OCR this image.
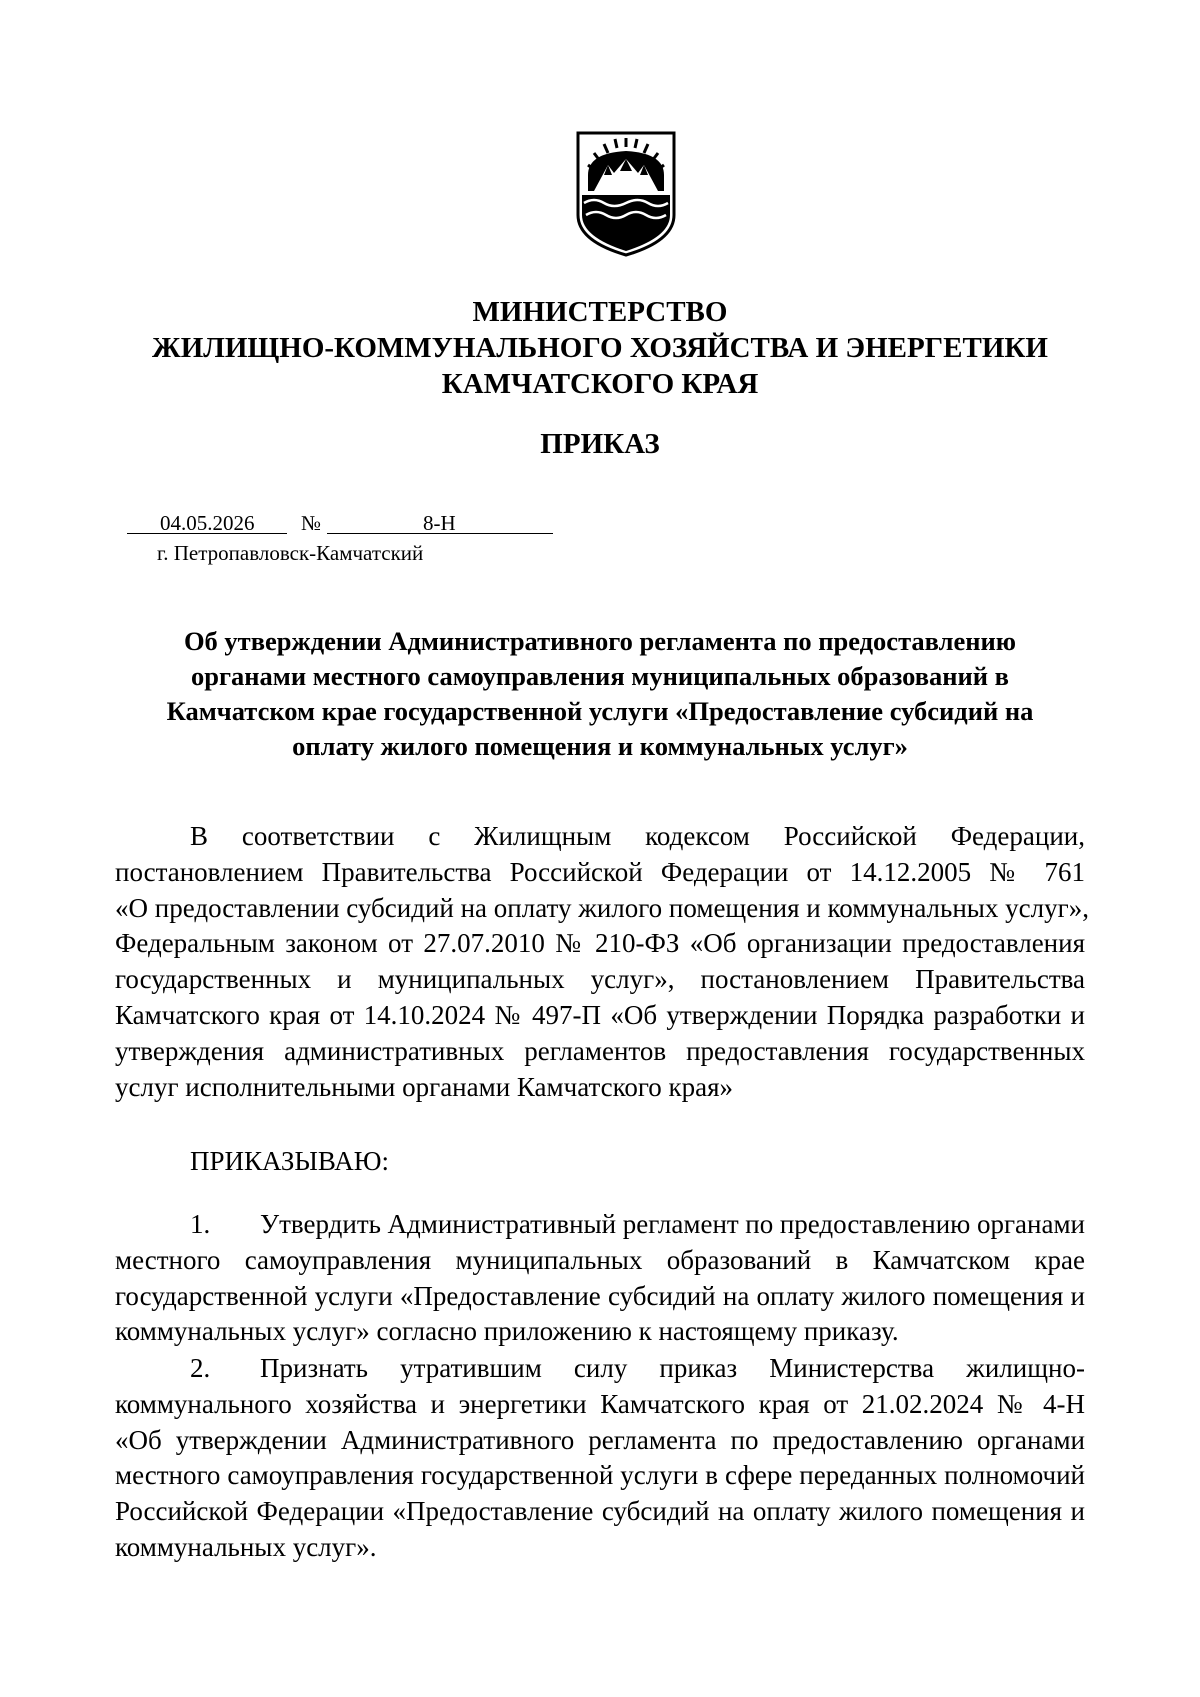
МИНИСТЕРСТВО
ЖИЛИЩНО-КОММУНАЛЬНОГО ХОЗЯЙСТВА И ЭНЕРГЕТИКИ
КАМЧАТСКОГО КРАЯ
ПРИКАЗ
04.05.2026 №	8-Н
г. Петропавловск-Камчатский
Об утверждении Административного регламента по предоставлению
органами местного самоуправления муниципальных образований в
Камчатском крае государственной услуги «Предоставление субсидий на
оплату жилого помещения и коммунальных услуг»

В соответствии с Жилищным кодексом Российской Федерации,
постановлением Правительства Российской Федерации от 14.12.2005 № 761
«О предоставлении субсидий на оплату жилого помещения и коммунальных услуг»,
Федеральным законом от 27.07.2010 № 210-ФЗ «Об организации предоставления
государственных и муниципальных услуг», постановлением Правительства
Камчатского края от 14.10.2024 № 497-П «Об утверждении Порядка разработки и
утверждения административных регламентов предоставления государственных
услуг исполнительными органами Камчатского края»

ПРИКАЗЫВАЮ:

1.	Утвердить Административный регламент по предоставлению органами
местного самоуправления муниципальных образований в Камчатском крае
государственной услуги «Предоставление субсидий на оплату жилого помещения и
коммунальных услуг» согласно приложению к настоящему приказу.

2.	Признать утратившим силу приказ Министерства жилищно-
коммунального хозяйства и энергетики Камчатского края от 21.02.2024 № 4-Н
«Об утверждении Административного регламента по предоставлению органами
местного самоуправления государственной услуги в сфере переданных полномочий
Российской Федерации «Предоставление субсидий на оплату жилого помещения и
коммунальных услуг».
